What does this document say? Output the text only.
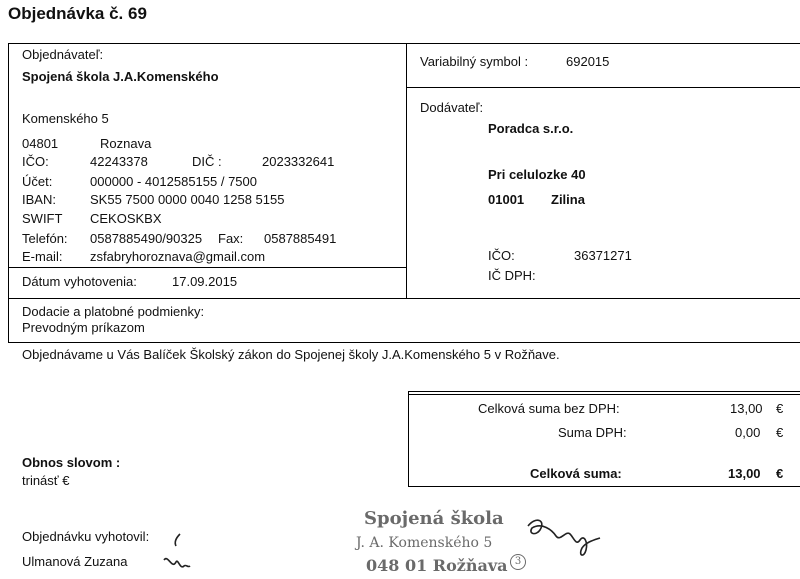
Objednávka č. 69
Objednávateľ:
Spojená škola J.A.Komenského
Komenského 5
04801	Roznava
IČO:	42243378	DIČ :	2023332641
Účet:	000000 - 4012585155 / 7500
IBAN:	SK55 7500 0000 0040 1258 5155
SWIFT CEKOSKBX
Telefón: 0587885490/90325 Fax: 0587885491
E-mail: zsfabryhoroznava@gmail.com
Dátum vyhotovenia:	17.09.2015
Variabilný symbol :	692015
Dodávateľ:
Poradca s.r.o.
Pri celulozke 40
01001 Zilina
IČO:	36371271
IČ DPH:
Dodacie a platobné podmienky:
Prevodným príkazom
Objednávame u Vás Balíček Školský zákon do Spojenej školy J.A.Komenského 5 v Rožňave.
Celková suma bez DPH:	13,00 €
Suma DPH:	0,00 €
Celková suma:	13,00 €
Obnos slovom :
trinásť €
Objednávku vyhotovil:
Ulmanová Zuzana
Spojená škola
J. A. Komenského 5
048 01 Rožňava 3
